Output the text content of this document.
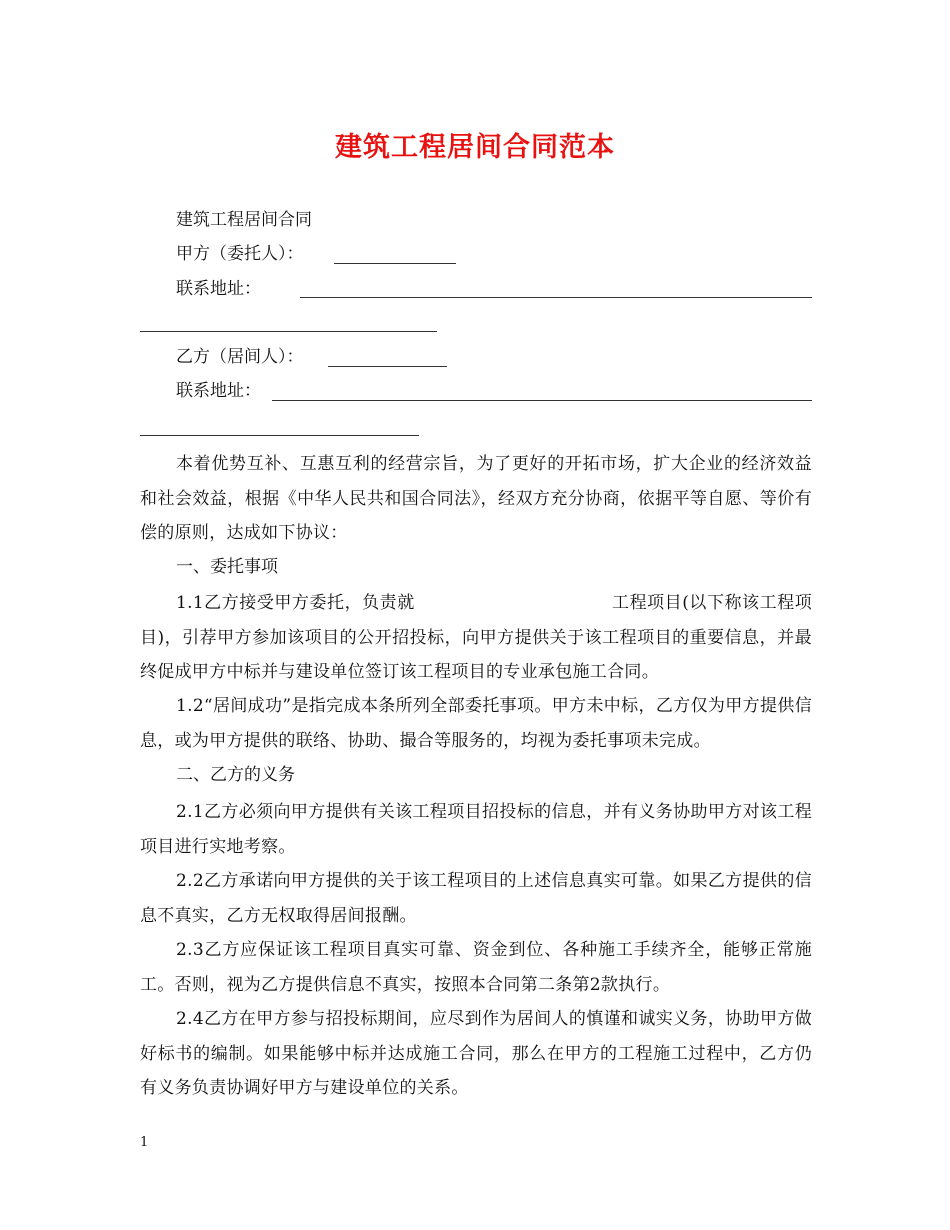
建筑工程居间合同范本
建筑工程居间合同
甲方（委托人）：
联系地址：
乙方（居间人）：
联系地址：
本着优势互补、互惠互利的经营宗旨，为了更好的开拓市场，扩大企业的经济效益和社会效益，根据《中华人民共和国合同法》，经双方充分协商，依据平等自愿、等价有偿的原则，达成如下协议：
一、委托事项
1.1乙方接受甲方委托，负责就	工程项目(以下称该工程项目)，引荐甲方参加该项目的公开招投标，向甲方提供关于该工程项目的重要信息，并最终促成甲方中标并与建设单位签订该工程项目的专业承包施工合同。
1.2“居间成功”是指完成本条所列全部委托事项。甲方未中标，乙方仅为甲方提供信息，或为甲方提供的联络、协助、撮合等服务的，均视为委托事项未完成。
二、乙方的义务
2.1乙方必须向甲方提供有关该工程项目招投标的信息，并有义务协助甲方对该工程项目进行实地考察。
2.2乙方承诺向甲方提供的关于该工程项目的上述信息真实可靠。如果乙方提供的信息不真实，乙方无权取得居间报酬。
2.3乙方应保证该工程项目真实可靠、资金到位、各种施工手续齐全，能够正常施工。否则，视为乙方提供信息不真实，按照本合同第二条第2款执行。
2.4乙方在甲方参与招投标期间，应尽到作为居间人的慎谨和诚实义务，协助甲方做好标书的编制。如果能够中标并达成施工合同，那么在甲方的工程施工过程中，乙方仍有义务负责协调好甲方与建设单位的关系。
1
